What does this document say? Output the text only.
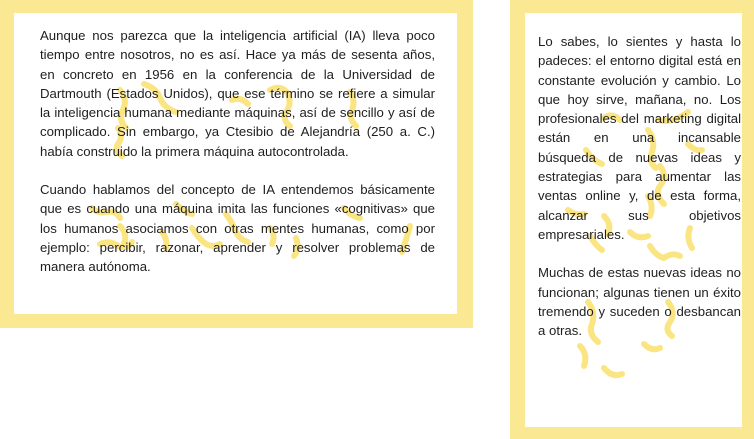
Aunque nos parezca que la inteligencia artificial (IA) lleva poco tiempo entre nosotros, no es así. Hace ya más de sesenta años, en concreto en 1956 en la conferencia de la Universidad de Dartmouth (Estados Unidos), que ese término se refiere a simular la inteligencia humana mediante máquinas, así de sencillo y así de complicado. Sin embargo, ya Ctesibio de Alejandría (250 a. C.) había construido la primera máquina autocontrolada.

Cuando hablamos del concepto de IA entendemos básicamente que es cuando una máquina imita las funciones «cognitivas» que los humanos asociamos con otras mentes humanas, como por ejemplo: percibir, razonar, aprender y resolver problemas de manera autónoma.

Lo sabes, lo sientes y hasta lo padeces: el entorno digital está en constante evolución y cambio. Lo que hoy sirve, mañana, no. Los profesionales del marketing digital están en una incansable búsqueda de nuevas ideas y estrategias para aumentar las ventas online y, de esta forma, alcanzar sus objetivos empresariales.

Muchas de estas nuevas ideas no funcionan; algunas tienen un éxito tremendo y suceden o desbancan a otras.
